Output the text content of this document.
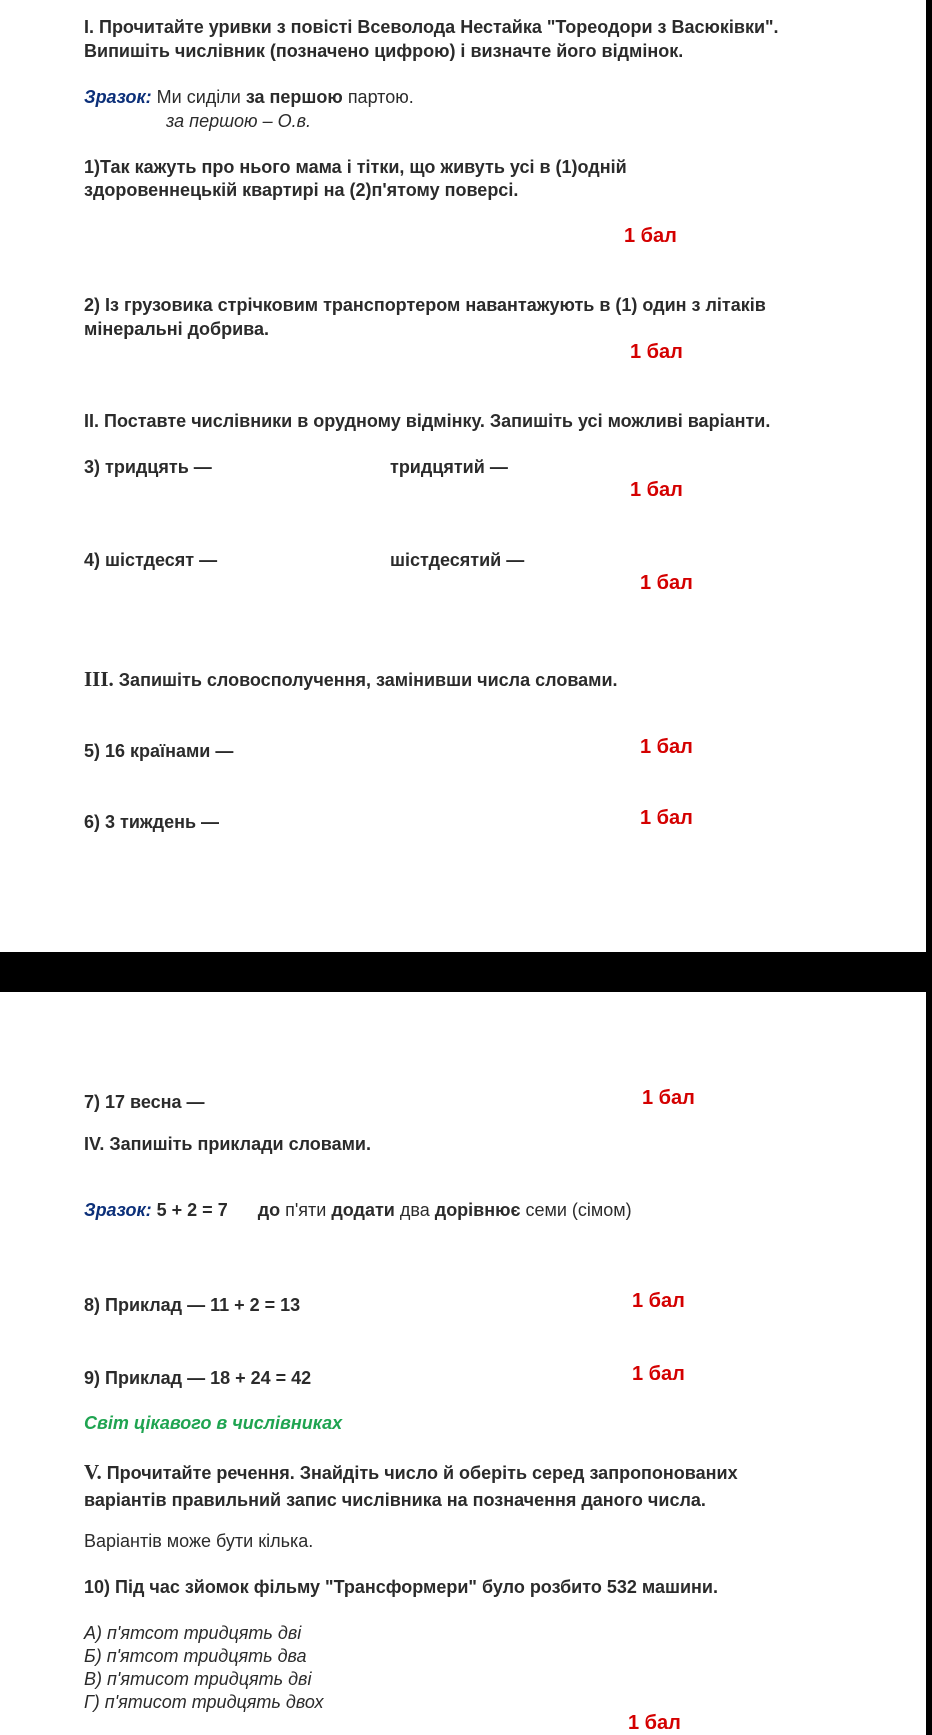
I. Прочитайте уривки з повісті Всеволода Нестайка "Тореодори з Васюківки".
Випишіть числівник (позначено цифрою) і визначте його відмінок.
Зразок: Ми сиділи за першою партою.
за першою – О.в.
1)Так кажуть про нього мама і тітки, що живуть усі в (1)одній
здоровеннецькій квартирі на (2)п'ятому поверсі.
1 бал
2) Із грузовика стрічковим транспортером навантажують в (1) один з літаків
мінеральні добрива.
1 бал
II. Поставте числівники в орудному відмінку. Запишіть усі можливі варіанти.
3) тридцять —	тридцятий —
1 бал
4) шістдесят —	шістдесятий —
1 бал
III. Запишіть словосполучення, замінивши числа словами.
5) 16 країнами —	1 бал
6) 3 тиждень —	1 бал
7) 17 весна —	1 бал
IV. Запишіть приклади словами.
Зразок: 5 + 2 = 7 до п'яти додати два дорівнює семи (сімом)
8) Приклад — 11 + 2 = 13	1 бал
9) Приклад — 18 + 24 = 42	1 бал
Світ цікавого в числівниках
V. Прочитайте речення. Знайдіть число й оберіть серед запропонованих
варіантів правильний запис числівника на позначення даного числа.
Варіантів може бути кілька.
10) Під час зйомок фільму "Трансформери" було розбито 532 машини.
А) п'ятсот тридцять дві
Б) п'ятсот тридцять два
В) п'ятисот тридцять дві
Г) п'ятисот тридцять двох
1 бал
